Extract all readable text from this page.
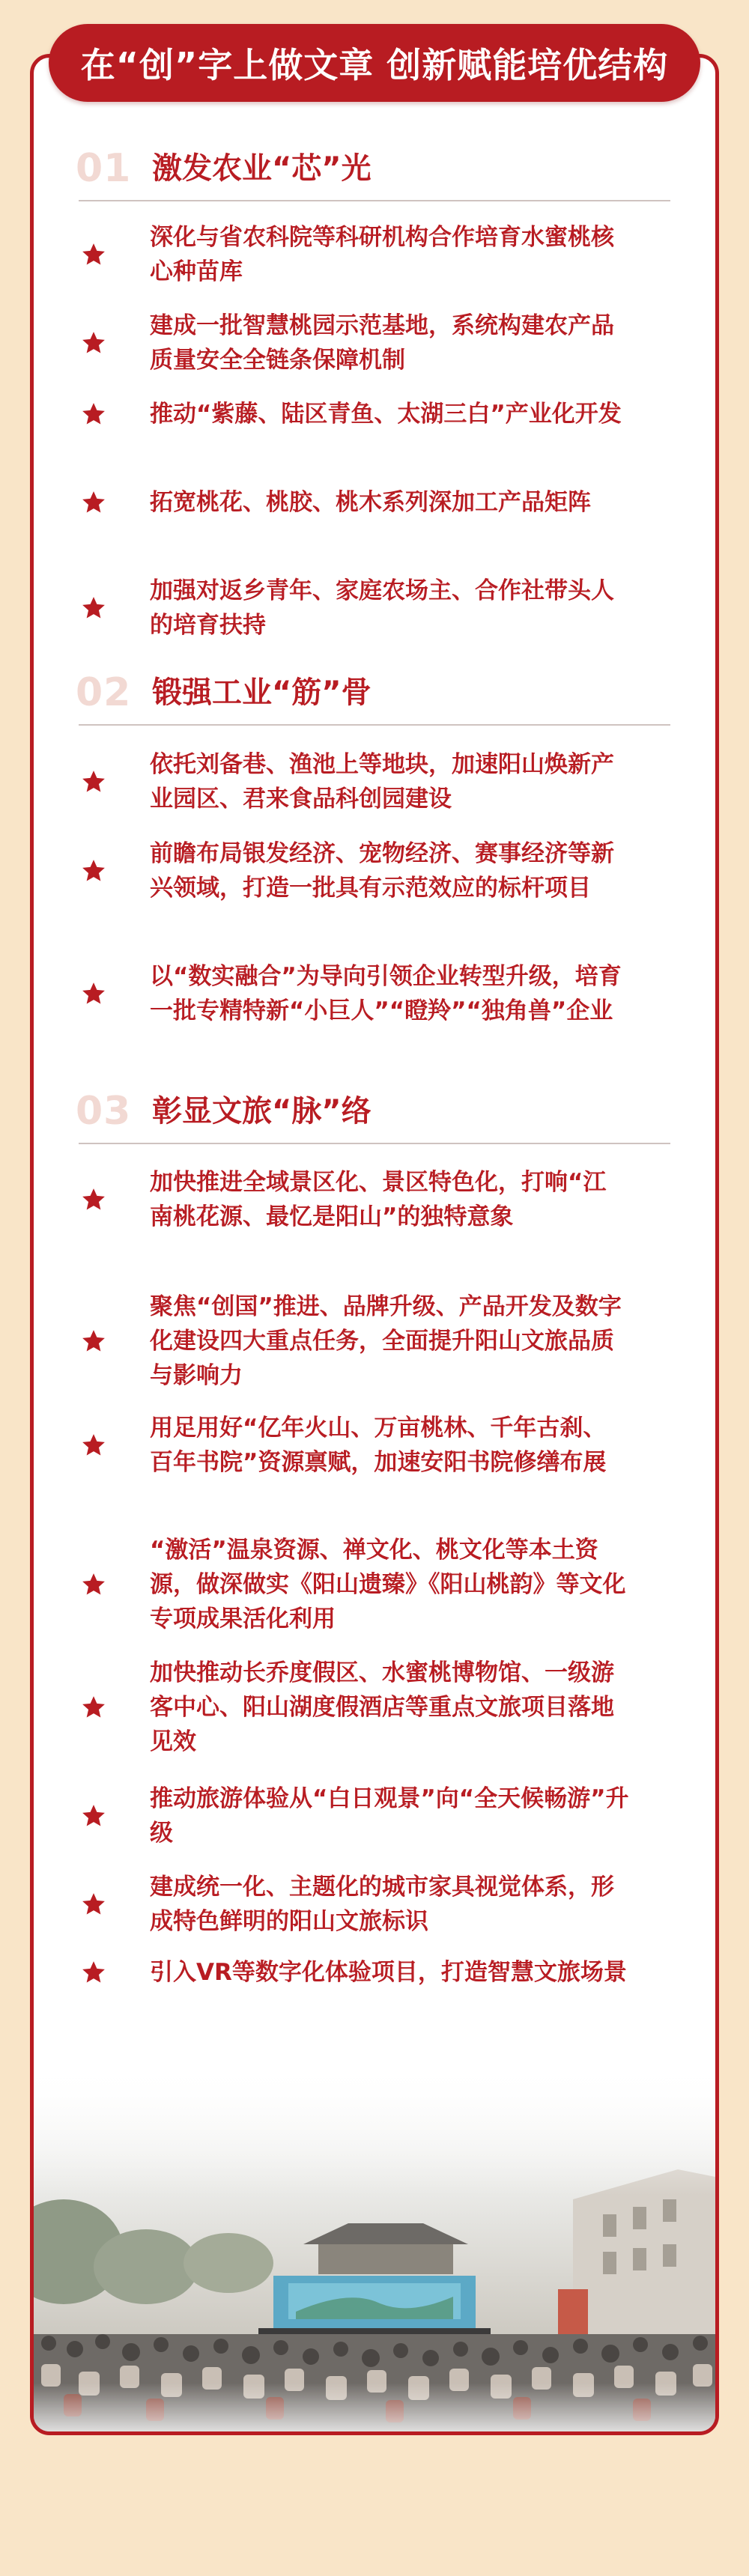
在“创”字上做文章 创新赋能培优结构
01 激发农业“芯”光
深化与省农科院等科研机构合作培育水蜜桃核心种苗库
建成一批智慧桃园示范基地，系统构建农产品质量安全全链条保障机制
推动“紫藤、陆区青鱼、太湖三白”产业化开发
拓宽桃花、桃胶、桃木系列深加工产品矩阵
加强对返乡青年、家庭农场主、合作社带头人的培育扶持
02 锻强工业“筋”骨
依托刘备巷、渔池上等地块，加速阳山焕新产业园区、君来食品科创园建设
前瞻布局银发经济、宠物经济、赛事经济等新兴领域，打造一批具有示范效应的标杆项目
以“数实融合”为导向引领企业转型升级，培育一批专精特新“小巨人”“瞪羚”“独角兽”企业
03 彰显文旅“脉”络
加快推进全域景区化、景区特色化，打响“江南桃花源、最忆是阳山”的独特意象
聚焦“创国”推进、品牌升级、产品开发及数字化建设四大重点任务，全面提升阳山文旅品质与影响力
用足用好“亿年火山、万亩桃林、千年古刹、百年书院”资源禀赋，加速安阳书院修缮布展
“激活”温泉资源、禅文化、桃文化等本土资源，做深做实《阳山遗臻》《阳山桃韵》等文化专项成果活化利用
加快推动长乔度假区、水蜜桃博物馆、一级游客中心、阳山湖度假酒店等重点文旅项目落地见效
推动旅游体验从“白日观景”向“全天候畅游”升级
建成统一化、主题化的城市家具视觉体系，形成特色鲜明的阳山文旅标识
引入VR等数字化体验项目，打造智慧文旅场景
